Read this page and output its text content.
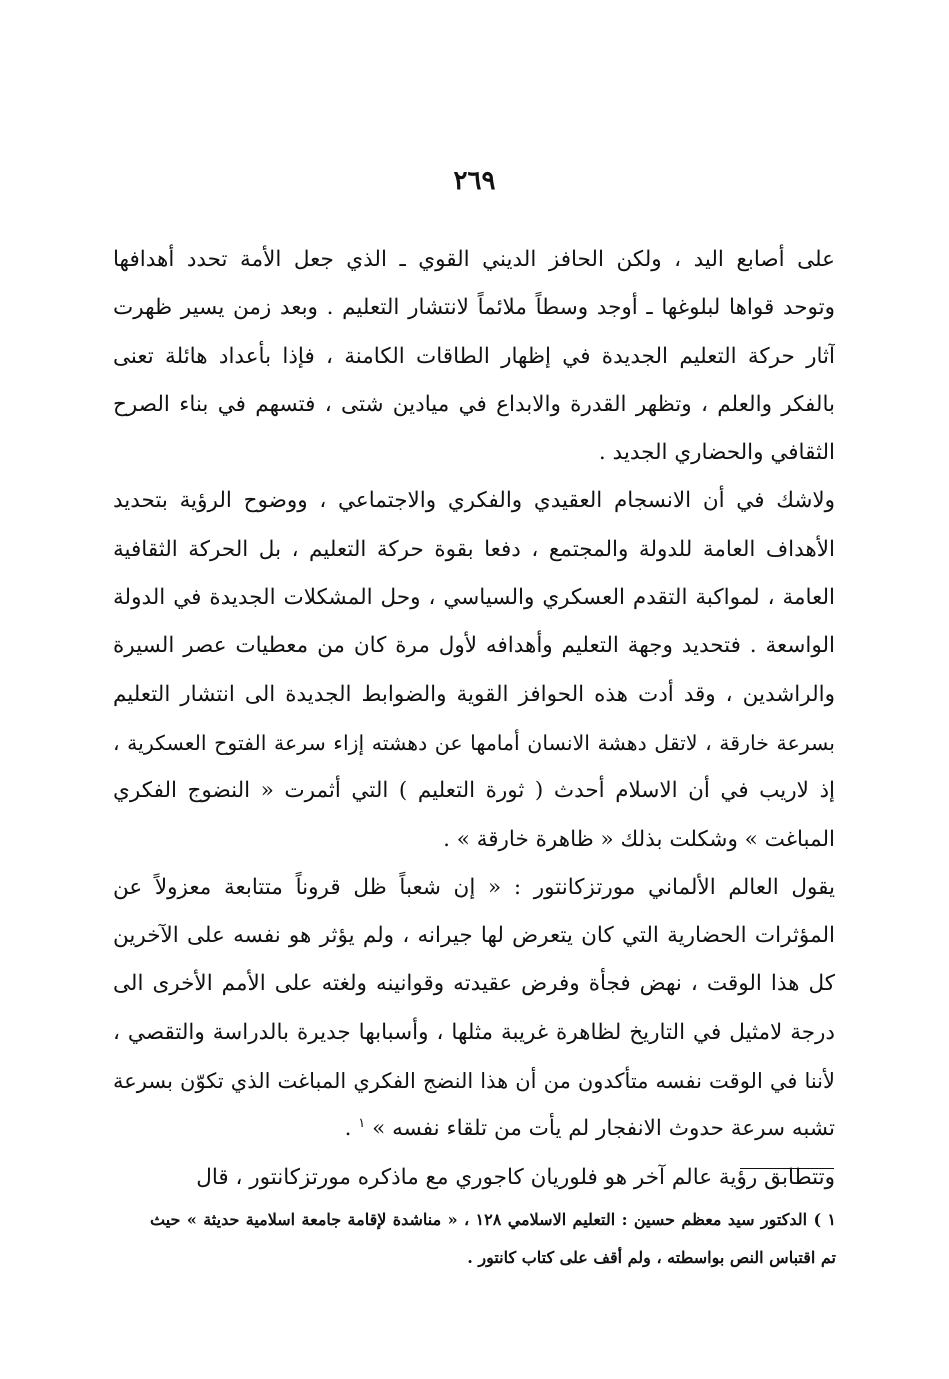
٢٦٩
على أصابع اليد ، ولكن الحافز الديني القوي ـ الذي جعل الأمة تحدد أهدافها
وتوحد قواها لبلوغها ـ أوجد وسطاً ملائماً لانتشار التعليم . وبعد زمن يسير ظهرت
آثار حركة التعليم الجديدة في إظهار الطاقات الكامنة ، فإذا بأعداد هائلة تعنى
بالفكر والعلم ، وتظهر القدرة والابداع في ميادين شتى ، فتسهم في بناء الصرح
الثقافي والحضاري الجديد .
ولاشك في أن الانسجام العقيدي والفكري والاجتماعي ، ووضوح الرؤية بتحديد
الأهداف العامة للدولة والمجتمع ، دفعا بقوة حركة التعليم ، بل الحركة الثقافية
العامة ، لمواكبة التقدم العسكري والسياسي ، وحل المشكلات الجديدة في الدولة
الواسعة . فتحديد وجهة التعليم وأهدافه لأول مرة كان من معطيات عصر السيرة
والراشدين ، وقد أدت هذه الحوافز القوية والضوابط الجديدة الى انتشار التعليم
بسرعة خارقة ، لاتقل دهشة الانسان أمامها عن دهشته إزاء سرعة الفتوح العسكرية ،
إذ لاريب في أن الاسلام أحدث ( ثورة التعليم ) التي أثمرت « النضوج الفكري
المباغت » وشكلت بذلك « ظاهرة خارقة » .
يقول العالم الألماني مورتزكانتور : « إن شعباً ظل قروناً متتابعة معزولاً عن
المؤثرات الحضارية التي كان يتعرض لها جيرانه ، ولم يؤثر هو نفسه على الآخرين
كل هذا الوقت ، نهض فجأة وفرض عقيدته وقوانينه ولغته على الأمم الأخرى الى
درجة لامثيل في التاريخ لظاهرة غريبة مثلها ، وأسبابها جديرة بالدراسة والتقصي ،
لأننا في الوقت نفسه متأكدون من أن هذا النضج الفكري المباغت الذي تكوّن بسرعة
تشبه سرعة حدوث الانفجار لم يأت من تلقاء نفسه » $^١$ .
وتتطابق رؤية عالم آخر هو فلوريان كاجوري مع ماذكره مورتزكانتور ، قال
١ ) الدكتور سيد معظم حسين : التعليم الاسلامي ١٢٨ ، « مناشدة لإقامة جامعة اسلامية حديثة » حيث
تم اقتباس النص بواسطته ، ولم أقف على كتاب كانتور .
